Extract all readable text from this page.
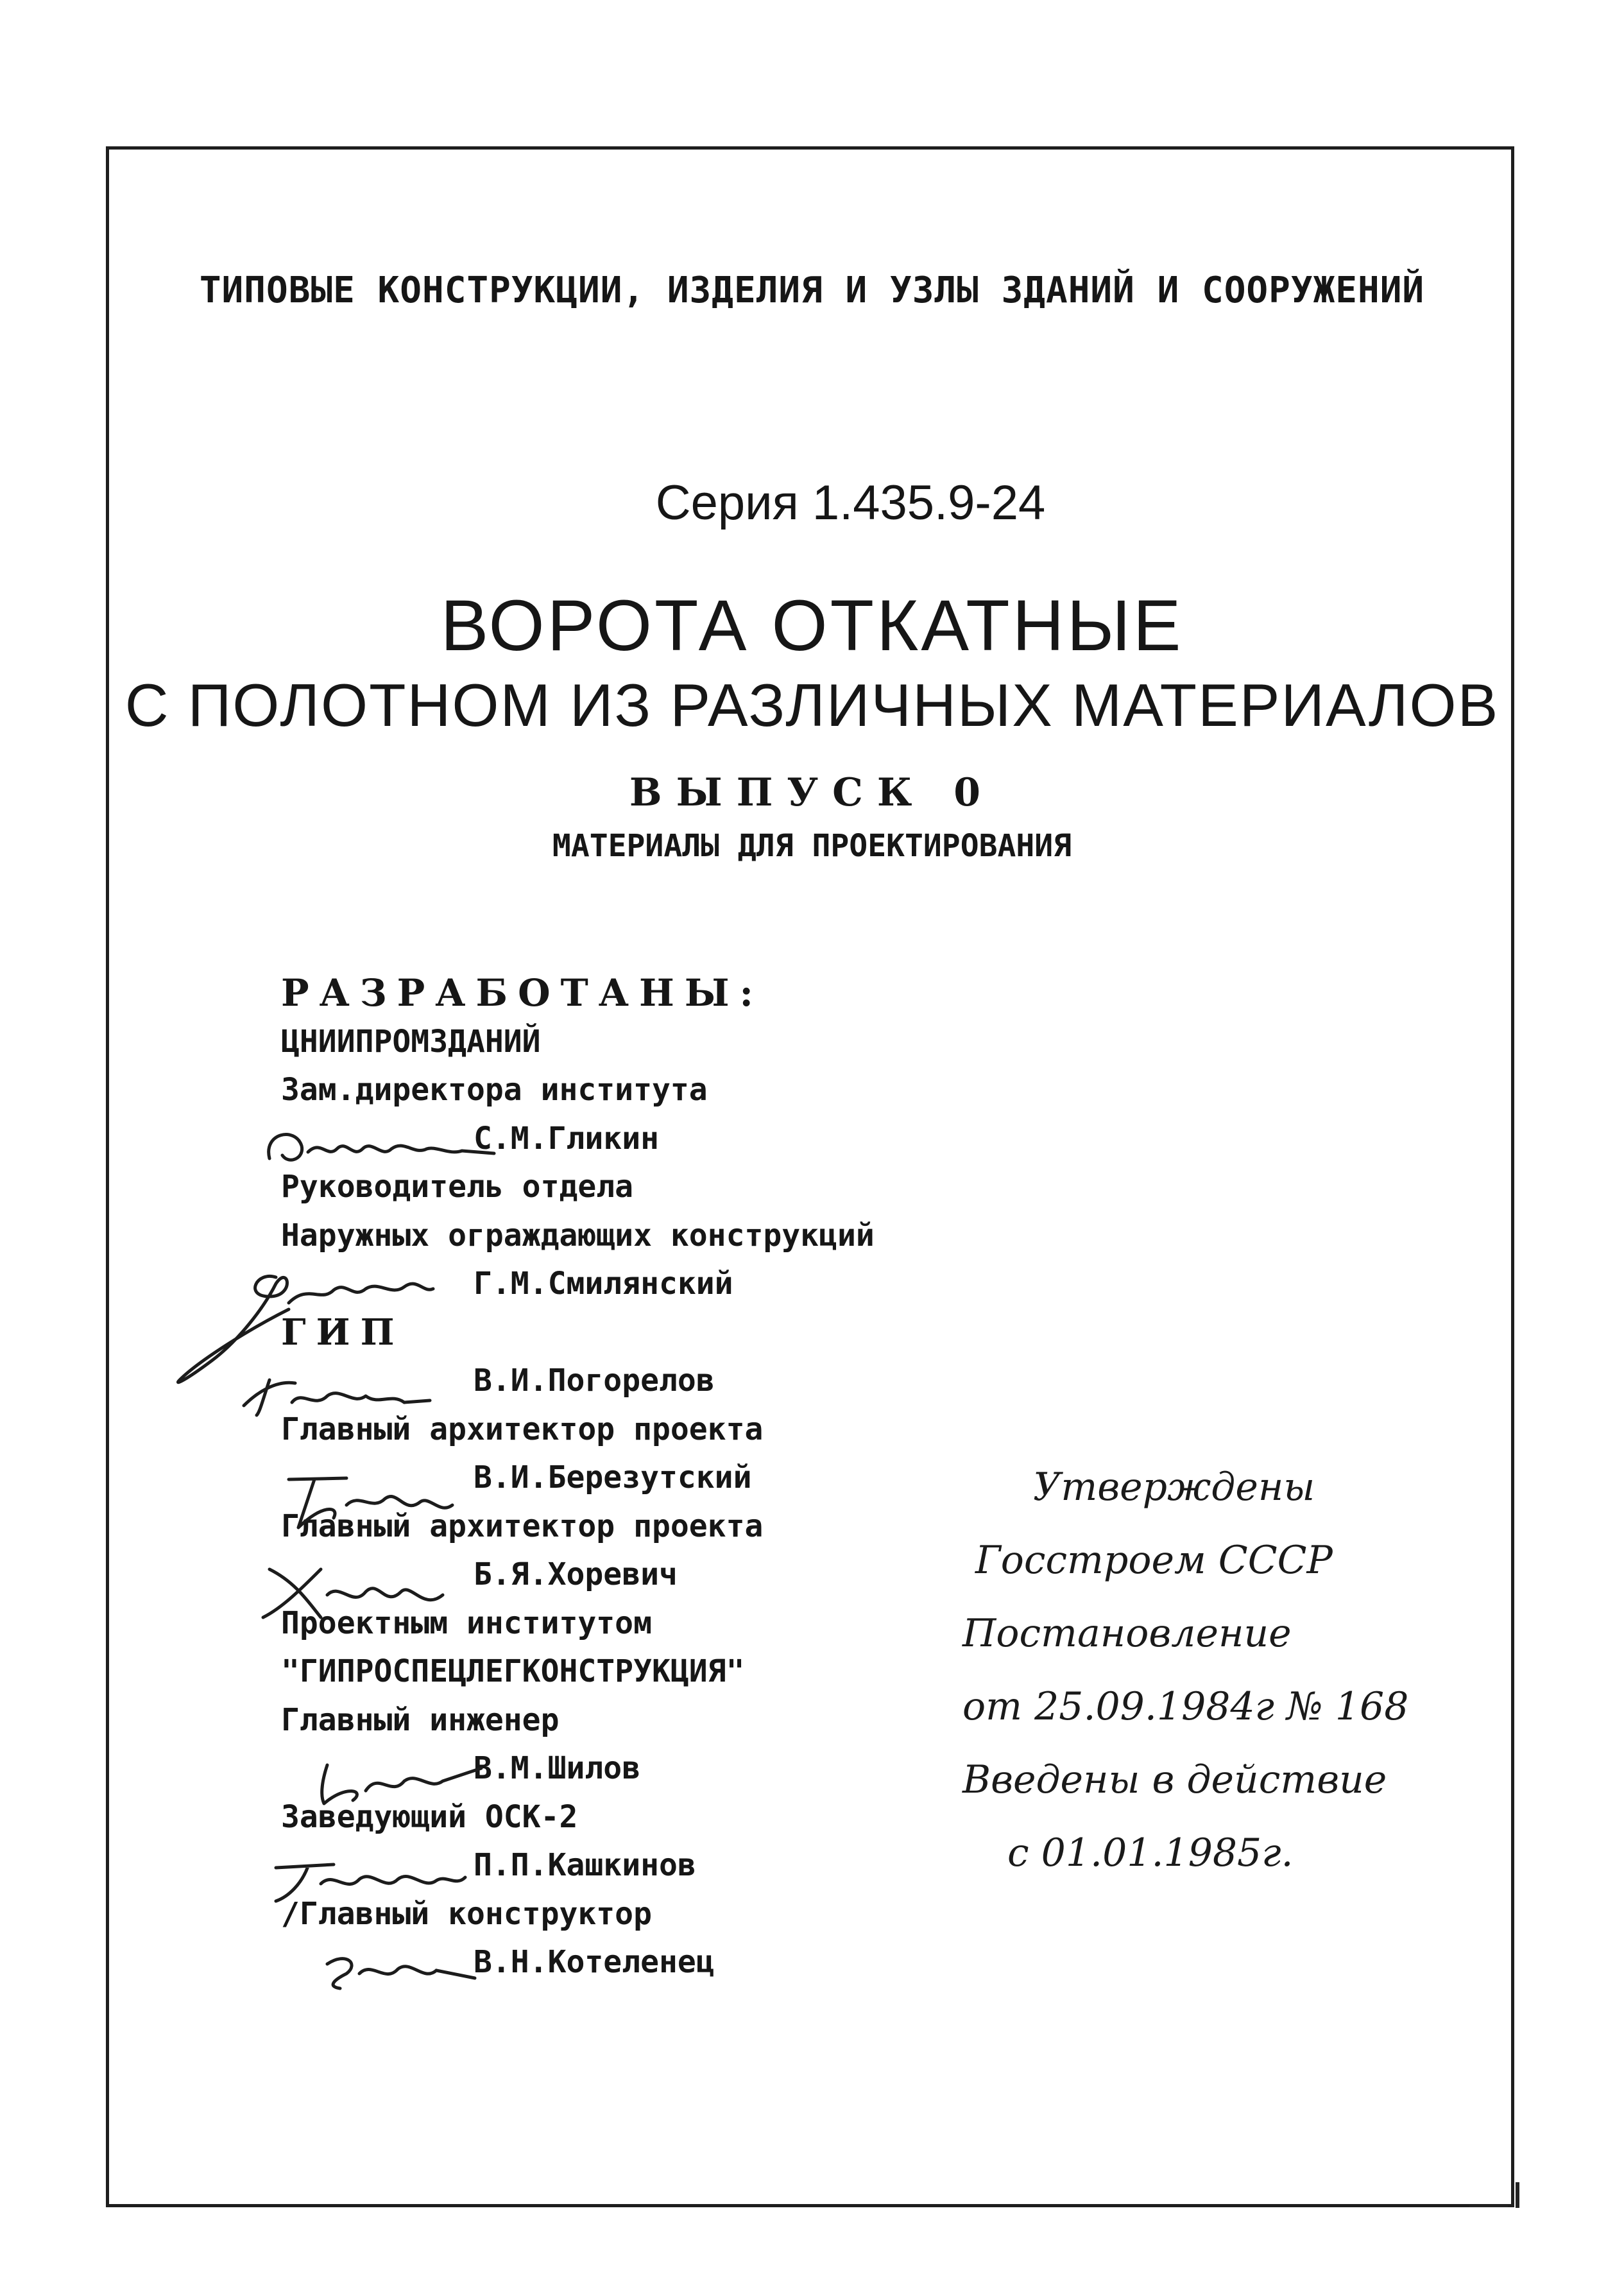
ТИПОВЫЕ КОНСТРУКЦИИ, ИЗДЕЛИЯ И УЗЛЫ ЗДАНИЙ И СООРУЖЕНИЙ
Серия 1.435.9-24
ВОРОТА ОТКАТНЫЕ
С ПОЛОТНОМ ИЗ РАЗЛИЧНЫХ МАТЕРИАЛОВ
ВЫПУСК 0
МАТЕРИАЛЫ ДЛЯ ПРОЕКТИРОВАНИЯ
РАЗРАБОТАНЫ:
ЦНИИПРОМЗДАНИЙ
Зам.директора института
С.М.Гликин
Руководитель отдела
Наружных ограждающих конструкций
Г.М.Смилянский
ГИП
В.И.Погорелов
Главный архитектор проекта
В.И.Березутский
Главный архитектор проекта
Б.Я.Хоревич
Проектным институтом
"ГИПРОСПЕЦЛЕГКОНСТРУКЦИЯ"
Главный инженер
В.М.Шилов
Заведующий ОСК-2
П.П.Кашкинов
/Главный конструктор
В.Н.Котеленец
Утверждены
Госстроем СССР
Постановление
от 25.09.1984г № 168
Введены в действие
с 01.01.1985г.
